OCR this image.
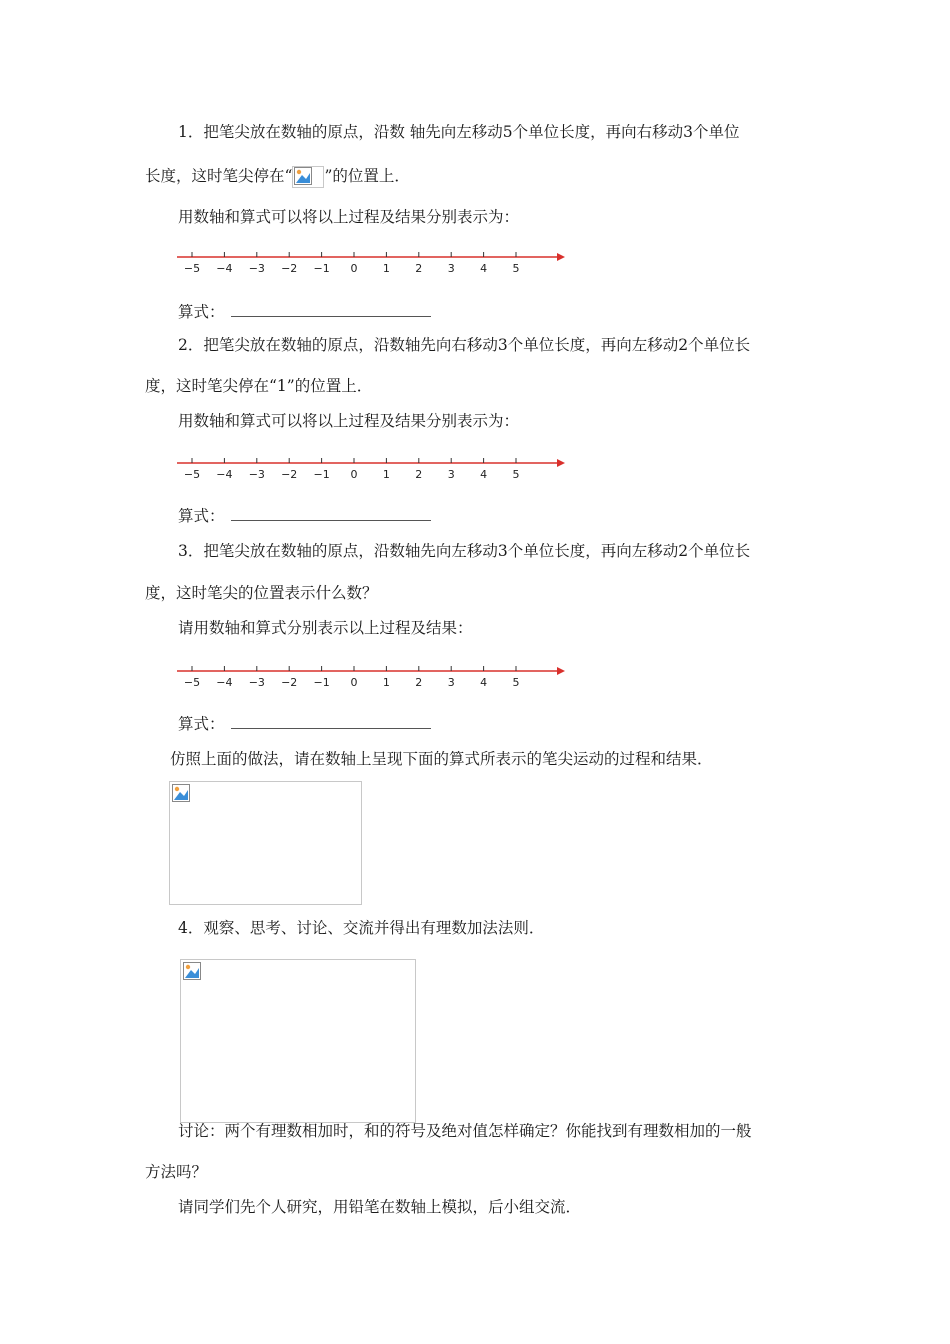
1．把笔尖放在数轴的原点，沿数 轴先向左移动5个单位长度，再向右移动3个单位
长度，这时笔尖停在“ ”的位置上．
用数轴和算式可以将以上过程及结果分别表示为：
−5 −4 −3 −2 −1 0 1 2 3 4 5
算式：
2．把笔尖放在数轴的原点，沿数轴先向右移动3个单位长度，再向左移动2个单位长
度，这时笔尖停在“1”的位置上．
用数轴和算式可以将以上过程及结果分别表示为：
−5 −4 −3 −2 −1 0 1 2 3 4 5
算式：
3．把笔尖放在数轴的原点，沿数轴先向左移动3个单位长度，再向左移动2个单位长
度，这时笔尖的位置表示什么数？
请用数轴和算式分别表示以上过程及结果：
−5 −4 −3 −2 −1 0 1 2 3 4 5
算式：
仿照上面的做法，请在数轴上呈现下面的算式所表示的笔尖运动的过程和结果．
4．观察、思考、讨论、交流并得出有理数加法法则．
讨论：两个有理数相加时，和的符号及绝对值怎样确定？你能找到有理数相加的一般
方法吗？
请同学们先个人研究，用铅笔在数轴上模拟，后小组交流．
